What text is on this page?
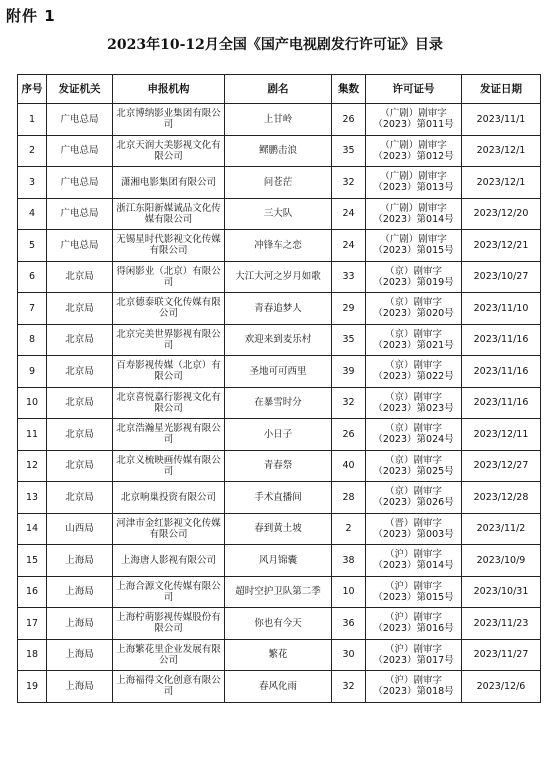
附件 1
2023年10-12月全国《国产电视剧发行许可证》目录
序号	发证机关	申报机构	剧名	集数	许可证号	发证日期
1	广电总局	北京博纳影业集团有限公司	上甘岭	26	（广剧）剧审字
（2023）第011号	2023/11/1
2	广电总局	北京天润大美影视文化有限公司	鳏鹏击浪	35	（广剧）剧审字
（2023）第012号	2023/12/1
3	广电总局	潇湘电影集团有限公司	问苍茫	32	（广剧）剧审字
（2023）第013号	2023/12/1
4	广电总局	浙江东阳新媒诚品文化传媒有限公司	三大队	24	（广剧）剧审字
（2023）第014号	2023/12/20
5	广电总局	无锡星时代影视文化传媒有限公司	冲锋车之恋	24	（广剧）剧审字
（2023）第015号	2023/12/21
6	北京局	得闲影业（北京）有限公司	大江大河之岁月如歌	33	（京）剧审字
（2023）第019号	2023/10/27
7	北京局	北京德泰联文化传媒有限公司	青春追梦人	29	（京）剧审字
（2023）第020号	2023/11/10
8	北京局	北京完美世界影视有限公司	欢迎来到麦乐村	35	（京）剧审字
（2023）第021号	2023/11/16
9	北京局	百寿影视传媒（北京）有限公司	圣地可可西里	39	（京）剧审字
（2023）第022号	2023/11/16
10	北京局	北京喜悦嘉行影视文化有限公司	在暴雪时分	32	（京）剧审字
（2023）第023号	2023/11/16
11	北京局	北京浩瀚星光影视有限公司	小日子	26	（京）剧审字
（2023）第024号	2023/12/11
12	北京局	北京义梳映画传媒有限公司	青春祭	40	（京）剧审字
（2023）第025号	2023/12/27
13	北京局	北京响巢投资有限公司	手术直播间	28	（京）剧审字
（2023）第026号	2023/12/28
14	山西局	河津市金红影视文化传媒有限公司	春到黄土坡	2	（晋）剧审字
（2023）第003号	2023/11/2
15	上海局	上海唐人影视有限公司	风月锦囊	38	（沪）剧审字
（2023）第014号	2023/10/9
16	上海局	上海合源文化传媒有限公司	超时空护卫队第二季	10	（沪）剧审字
（2023）第015号	2023/10/31
17	上海局	上海柠萌影视传媒股份有限公司	你也有今天	36	（沪）剧审字
（2023）第016号	2023/11/23
18	上海局	上海繁花里企业发展有限公司	繁花	30	（沪）剧审字
（2023）第017号	2023/11/27
19	上海局	上海福得文化创意有限公司	春风化雨	32	（沪）剧审字
（2023）第018号	2023/12/6
